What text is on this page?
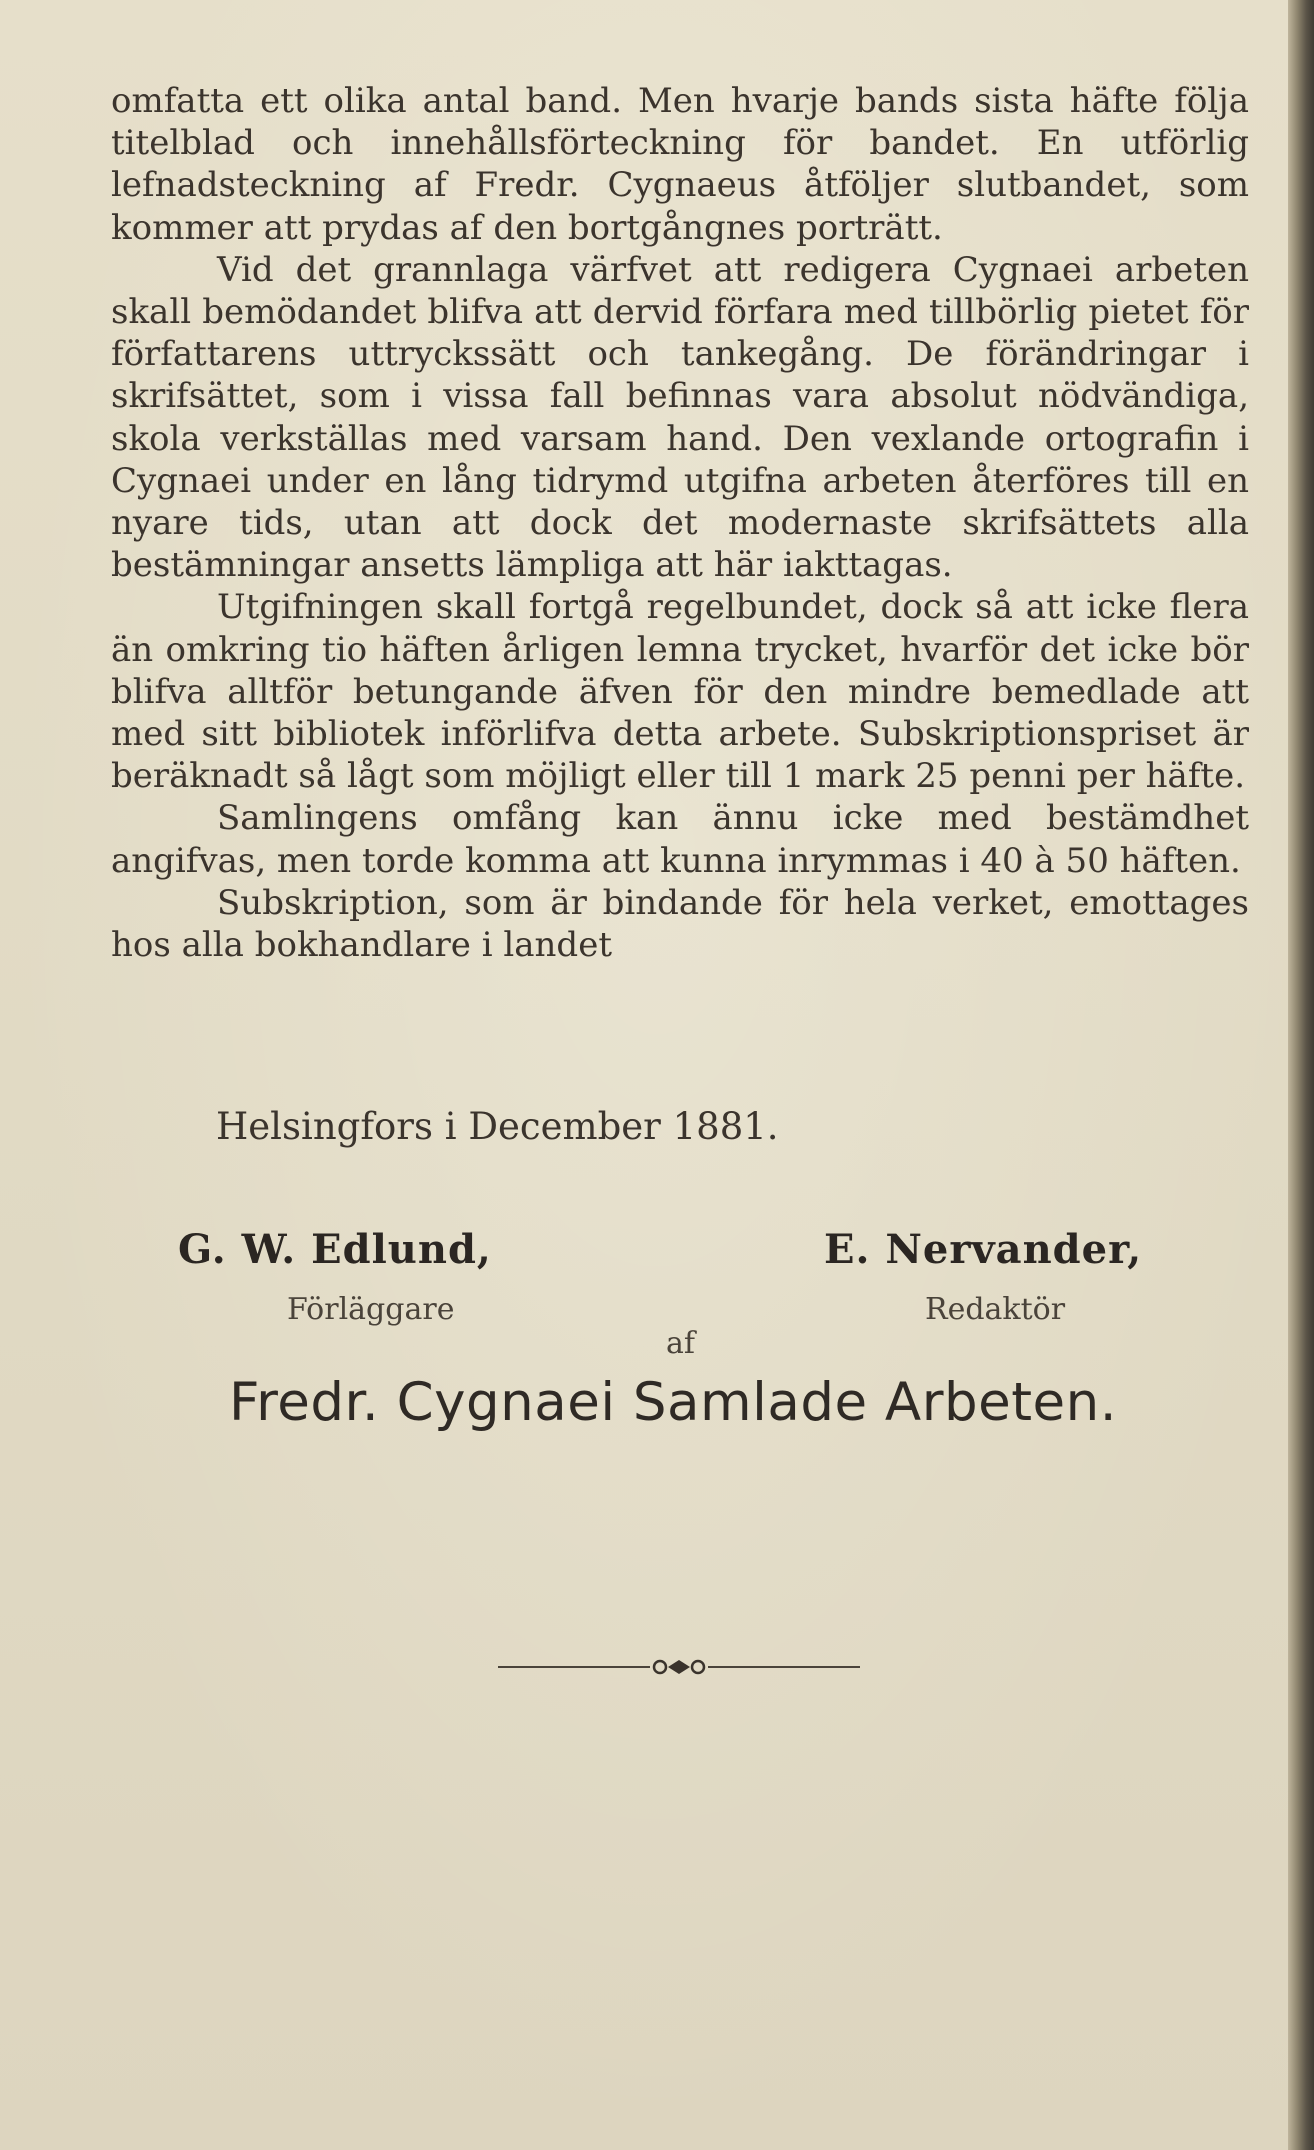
omfatta ett olika antal band. Men hvarje bands sista häfte följa titelblad och innehållsförteckning för bandet. En utförlig lefnadsteckning af Fredr. Cygnaeus åtföljer slutbandet, som kommer att prydas af den bortgångnes porträtt.

Vid det grannlaga värfvet att redigera Cygnaei arbeten skall bemödandet blifva att dervid förfara med tillbörlig pietet för författarens uttryckssätt och tankegång. De förändringar i skrifsättet, som i vissa fall befinnas vara absolut nödvändiga, skola verkställas med varsam hand. Den vexlande ortografin i Cygnaei under en lång tidrymd utgifna arbeten återföres till en nyare tids, utan att dock det modernaste skrifsättets alla bestämningar ansetts lämpliga att här iakttagas.

Utgifningen skall fortgå regelbundet, dock så att icke flera än omkring tio häften årligen lemna trycket, hvarför det icke bör blifva alltför betungande äfven för den mindre bemedlade att med sitt bibliotek införlifva detta arbete. Subskriptionspriset är beräknadt så lågt som möjligt eller till 1 mark 25 penni per häfte.

Samlingens omfång kan ännu icke med bestämdhet angifvas, men torde komma att kunna inrymmas i 40 à 50 häften.

Subskription, som är bindande för hela verket, emottages hos alla bokhandlare i landet

Helsingfors i December 1881.
G. W. Edlund,	E. Nervander,
Förläggare	Redaktör
af
Fredr. Cygnaei Samlade Arbeten.
